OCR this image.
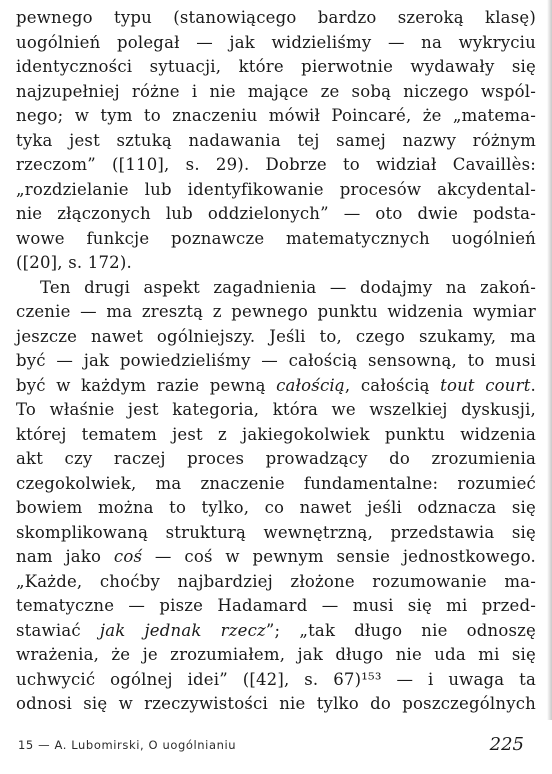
pewnego typu (stanowiącego bardzo szeroką klasę)
uogólnień polegał — jak widzieliśmy — na wykryciu
identyczności sytuacji, które pierwotnie wydawały się
najzupełniej różne i nie mające ze sobą niczego wspól-
nego; w tym to znaczeniu mówił Poincaré, że „matema-
tyka jest sztuką nadawania tej samej nazwy różnym
rzeczom” ([110], s. 29). Dobrze to widział Cavaillès:
„rozdzielanie lub identyfikowanie procesów akcydental-
nie złączonych lub oddzielonych” — oto dwie podsta-
wowe funkcje poznawcze matematycznych uogólnień
([20], s. 172).
Ten drugi aspekt zagadnienia — dodajmy na zakoń-
czenie — ma zresztą z pewnego punktu widzenia wymiar
jeszcze nawet ogólniejszy. Jeśli to, czego szukamy, ma
być — jak powiedzieliśmy — całością sensowną, to musi
być w każdym razie pewną całością, całością tout court.
To właśnie jest kategoria, która we wszelkiej dyskusji,
której tematem jest z jakiegokolwiek punktu widzenia
akt czy raczej proces prowadzący do zrozumienia
czegokolwiek, ma znaczenie fundamentalne: rozumieć
bowiem można to tylko, co nawet jeśli odznacza się
skomplikowaną strukturą wewnętrzną, przedstawia się
nam jako coś — coś w pewnym sensie jednostkowego.
„Każde, choćby najbardziej złożone rozumowanie ma-
tematyczne — pisze Hadamard — musi się mi przed-
stawiać jak jednak rzecz”; „tak długo nie odnoszę
wrażenia, że je zrozumiałem, jak długo nie uda mi się
uchwycić ogólnej idei” ([42], s. 67)¹⁵³ — i uwaga ta
odnosi się w rzeczywistości nie tylko do poszczególnych
15 — A. Lubomirski, O uogólnianiu	225
